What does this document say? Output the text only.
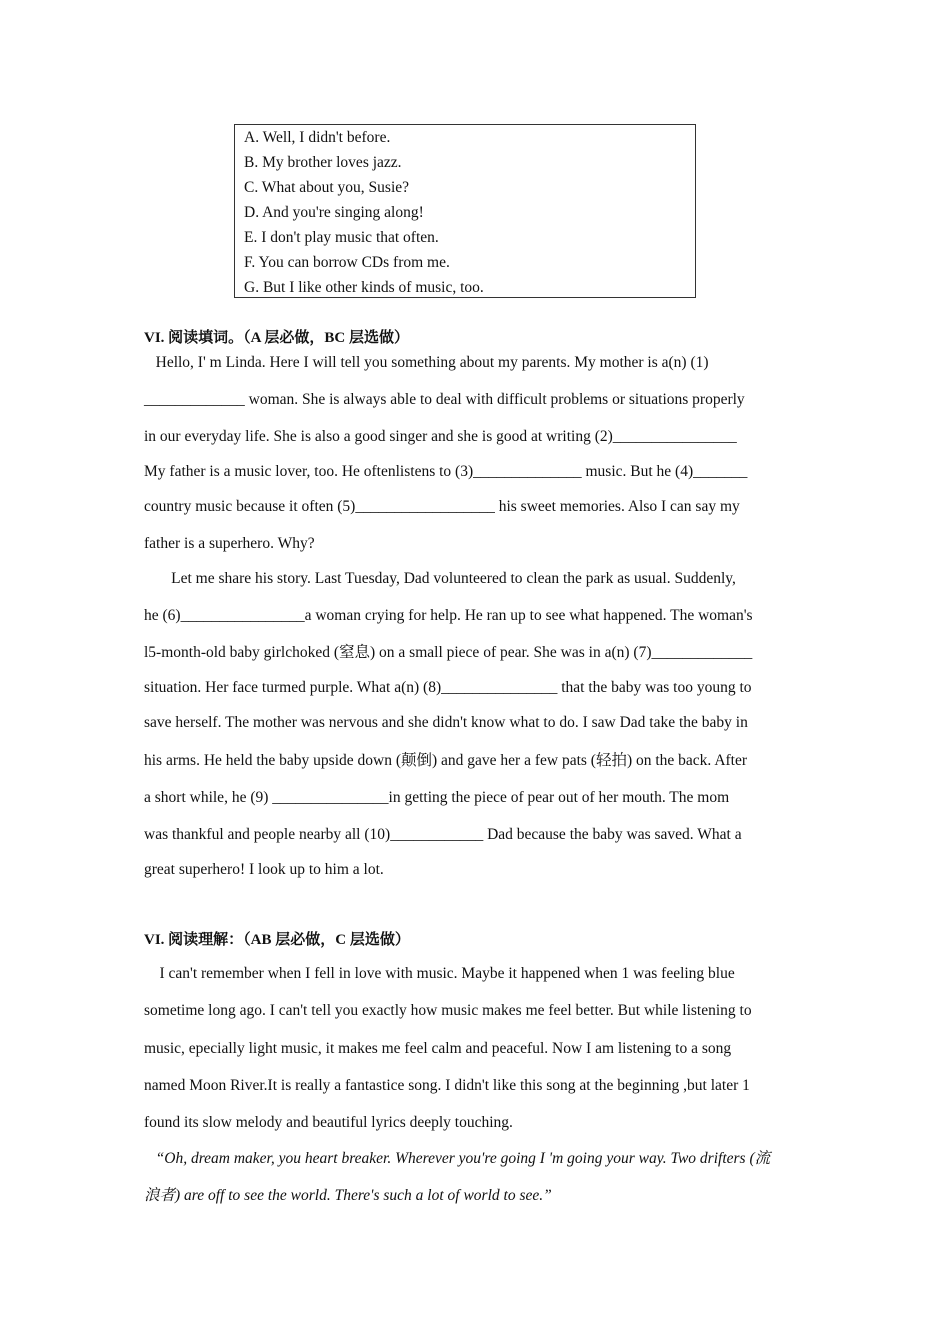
A. Well, I didn't before.
B. My brother loves jazz.
C. What about you, Susie?
D. And you're singing along!
E. I don't play music that often.
F. You can borrow CDs from me.
G. But I like other kinds of music, too.
VI. 阅读填词。（A 层必做，BC 层选做）
Hello, I' m Linda. Here I will tell you something about my parents. My mother is a(n) (1)
_____________ woman. She is always able to deal with difficult problems or situations properly
in our everyday life. She is also a good singer and she is good at writing (2)________________
My father is a music lover, too. He oftenlistens to (3)______________ music. But he (4)_______
country music because it often (5)__________________ his sweet memories. Also I can say my
father is a superhero. Why?
Let me share his story. Last Tuesday, Dad volunteered to clean the park as usual. Suddenly,
he (6)________________a woman crying for help. He ran up to see what happened. The woman's
l5-month-old baby girlchoked (窒息) on a small piece of pear. She was in a(n) (7)_____________
situation. Her face turmed purple. What a(n) (8)_______________ that the baby was too young to
save herself. The mother was nervous and she didn't know what to do. I saw Dad take the baby in
his arms. He held the baby upside down (颠倒) and gave her a few pats (轻拍) on the back. After
a short while, he (9) _______________in getting the piece of pear out of her mouth. The mom
was thankful and people nearby all (10)____________ Dad because the baby was saved. What a
great superhero! I look up to him a lot.
VI. 阅读理解：（AB 层必做，C 层选做）
I can't remember when I fell in love with music. Maybe it happened when 1 was feeling blue
sometime long ago. I can't tell you exactly how music makes me feel better. But while listening to
music, epecially light music, it makes me feel calm and peaceful. Now I am listening to a song
named Moon River.It is really a fantastice song. I didn't like this song at the beginning ,but later 1
found its slow melody and beautiful lyrics deeply touching.
“Oh, dream maker, you heart breaker. Wherever you're going I 'm going your way. Two drifters (流
浪者) are off to see the world. There's such a lot of world to see.”
